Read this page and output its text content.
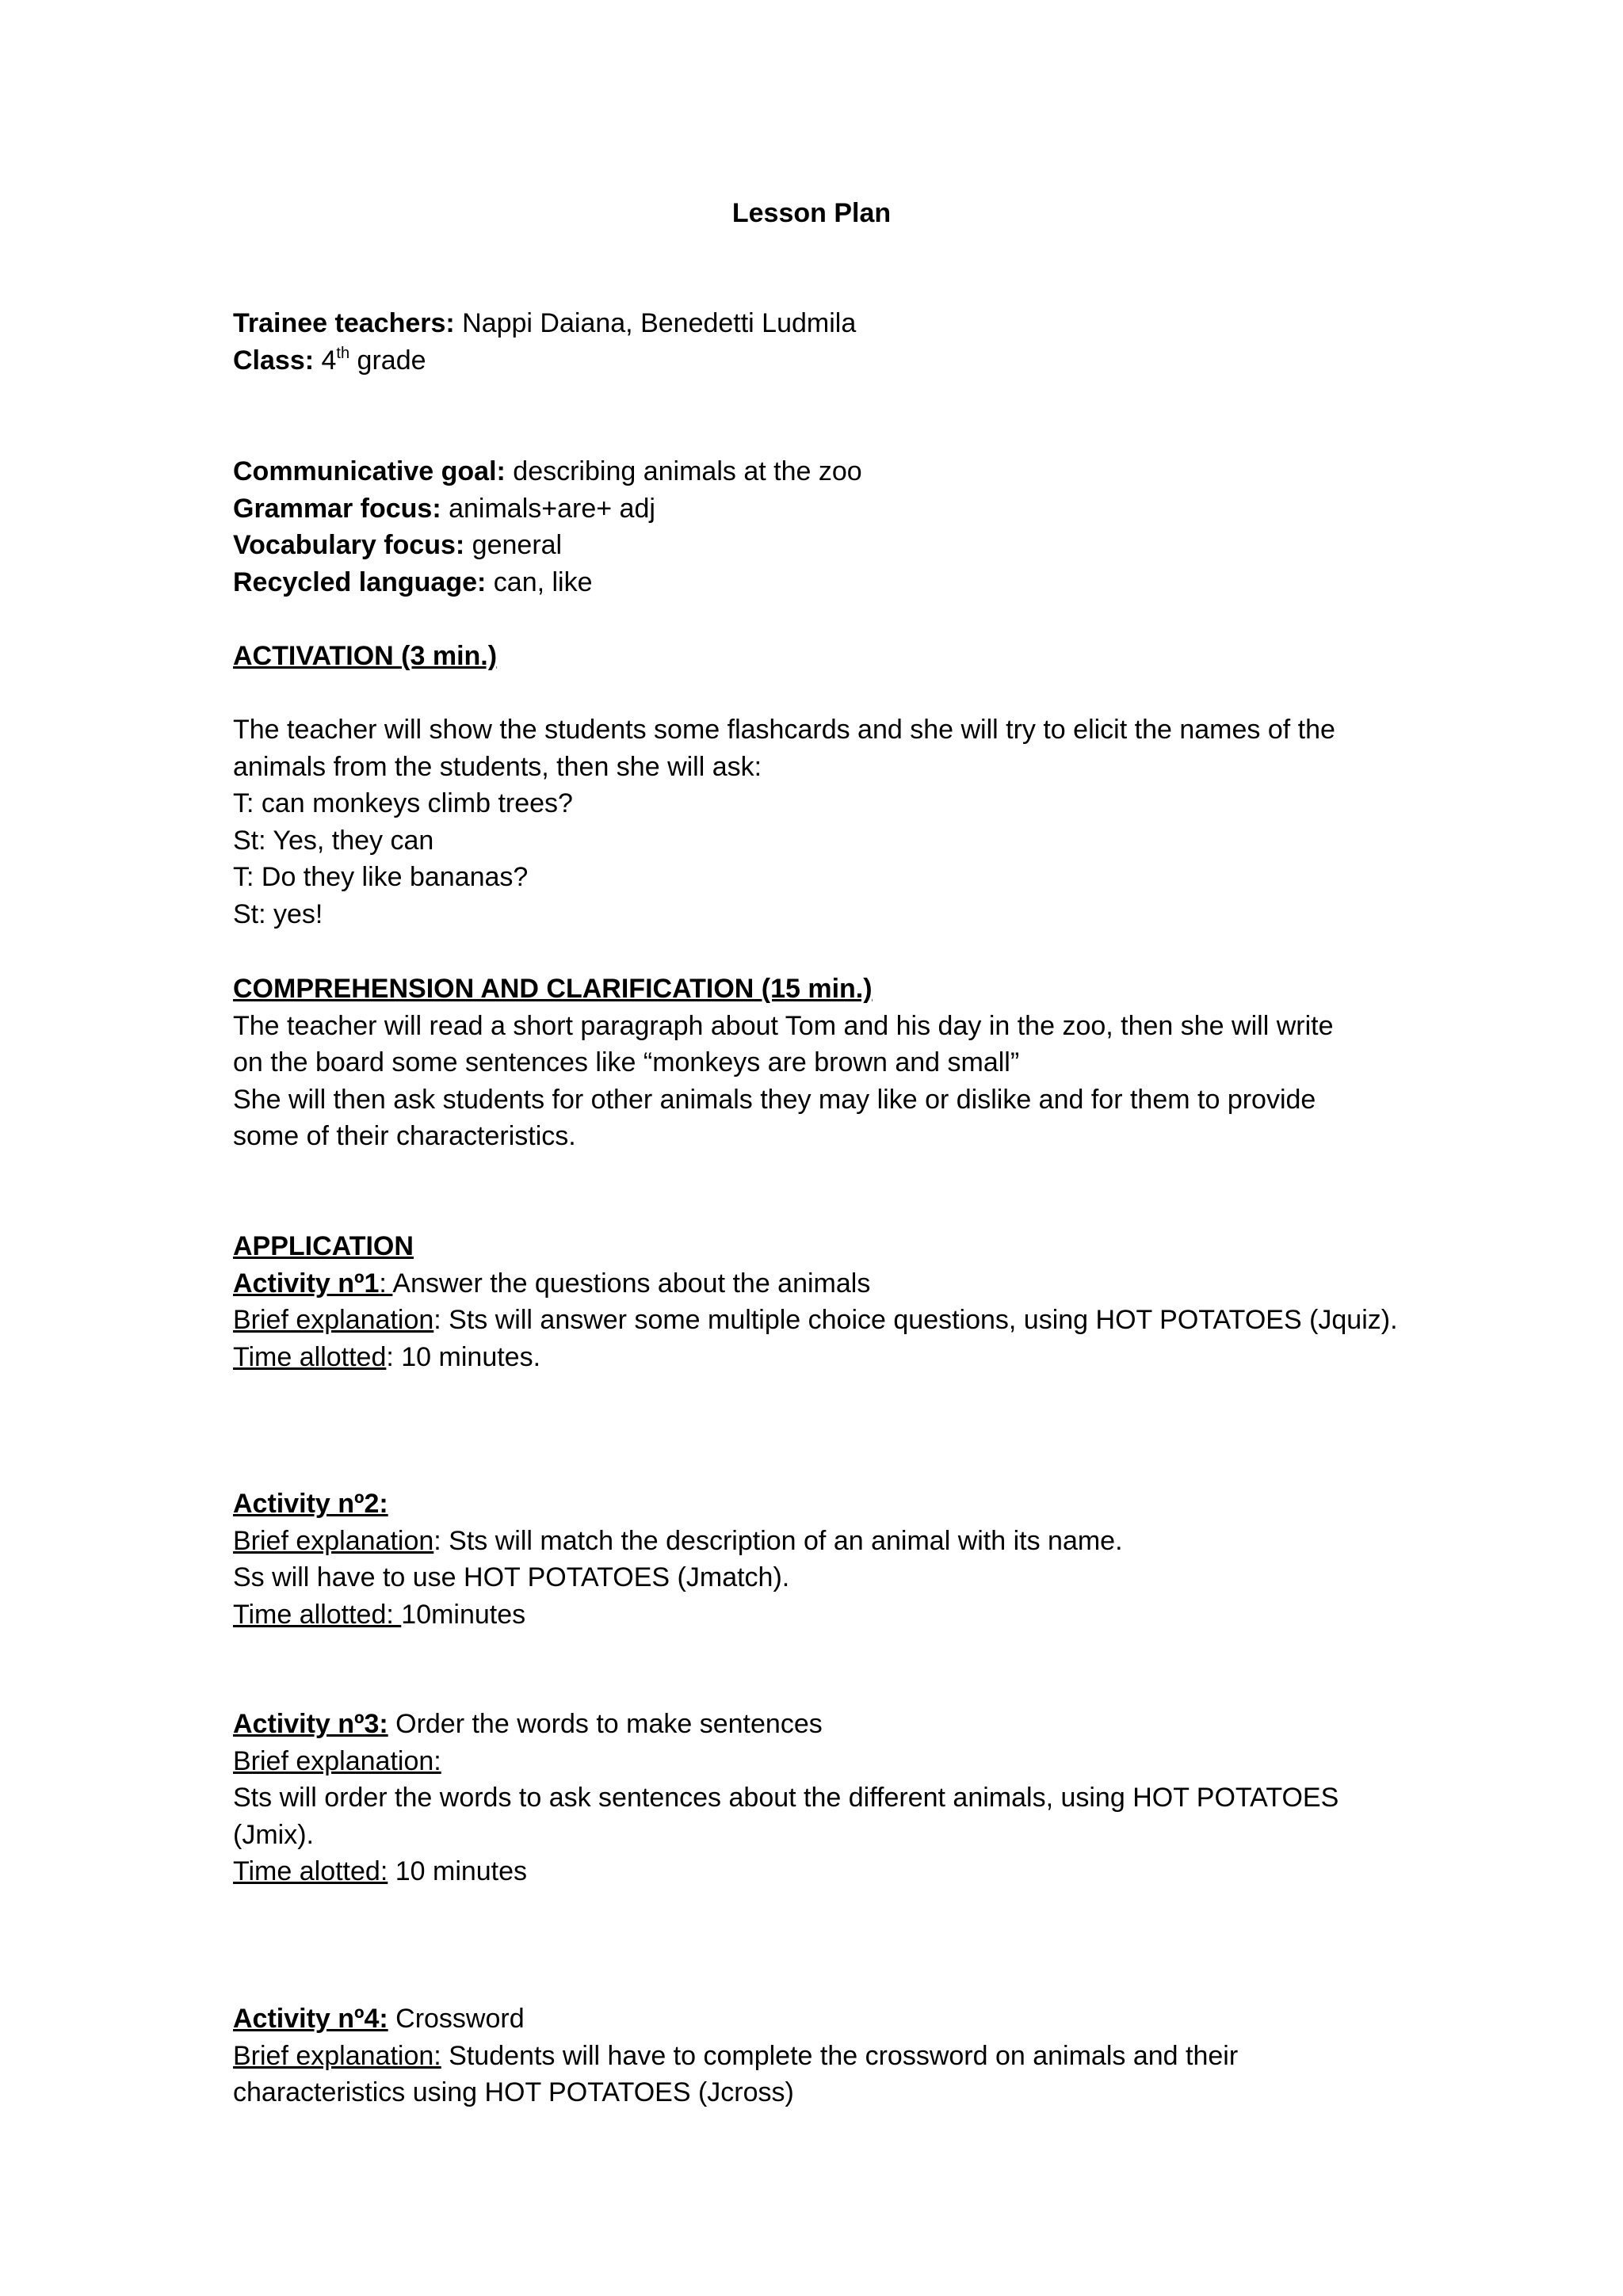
Lesson Plan
Trainee teachers: Nappi Daiana, Benedetti Ludmila
Class: 4th grade
Communicative goal: describing animals at the zoo
Grammar focus: animals+are+ adj
Vocabulary focus: general
Recycled language: can, like
ACTIVATION (3 min.)
The teacher will show the students some flashcards and she will try to elicit the names of the
animals from the students, then she will ask:
T: can monkeys climb trees?
St: Yes, they can
T: Do they like bananas?
St: yes!
COMPREHENSION AND CLARIFICATION (15 min.)
The teacher will read a short paragraph about Tom and his day in the zoo, then she will write
on the board some sentences like “monkeys are brown and small”
She will then ask students for other animals they may like or dislike and for them to provide
some of their characteristics.
APPLICATION
Activity nº1: Answer the questions about the animals
Brief explanation: Sts will answer some multiple choice questions, using HOT POTATOES (Jquiz).
Time allotted: 10 minutes.
Activity nº2:
Brief explanation: Sts will match the description of an animal with its name.
Ss will have to use HOT POTATOES (Jmatch).
Time allotted: 10minutes
Activity nº3: Order the words to make sentences
Brief explanation:
Sts will order the words to ask sentences about the different animals, using HOT POTATOES
(Jmix).
Time alotted: 10 minutes
Activity nº4: Crossword
Brief explanation: Students will have to complete the crossword on animals and their
characteristics using HOT POTATOES (Jcross)
